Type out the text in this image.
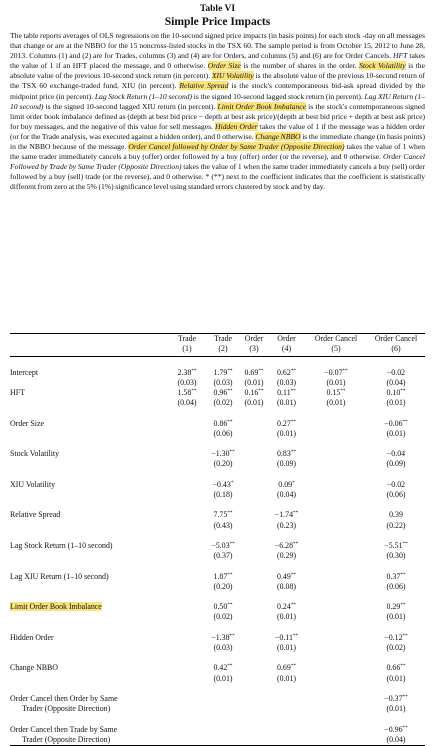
Table VI
Simple Price Impacts
The table reports averages of OLS regressions on the 10-second signed price impacts (in basis points) for each stock -day on all messages that change or are at the NBBO for the 15 noncross-listed stocks in the TSX 60. The sample period is from October 15, 2012 to June 28, 2013. Columns (1) and (2) are for Trades, columns (3) and (4) are for Orders, and columns (5) and (6) are for Order Cancels. HFT takes the value of 1 if an HFT placed the message, and 0 otherwise. Order Size is the number of shares in the order. Stock Volatility is the absolute value of the previous 10-second stock return (in percent). XIU Volatility is the absolute value of the previous 10-second return of the TSX 60 exchange-traded fund, XIU (in percent). Relative Spread is the stock's contemporaneous bid-ask spread divided by the midpoint price (in percent). Lag Stock Return (1–10 second) is the signed 10-second lagged stock return (in percent). Lag XIU Return (1–10 second) is the signed 10-second lagged XIU return (in percent). Limit Order Book Imbalance is the stock's contemporaneous signed limit order book imbalance defined as (depth at best bid price − depth at best ask price)/(depth at best bid price + depth at best ask price) for buy messages, and the negative of this value for sell messages. Hidden Order takes the value of 1 if the message was a hidden order (or for the Trade analysis, was executed against a hidden order), and 0 otherwise. Change NBBO is the immediate change (in basis points) in the NBBO because of the message. Order Cancel followed by Order by Same Trader (Opposite Direction) takes the value of 1 when the same trader immediately cancels a buy (offer) order followed by a buy (offer) order (or the reverse), and 0 otherwise. Order Cancel Followed by Trade by Same Trader (Opposite Direction) takes the value of 1 when the same trader immediately cancels a buy (sell) order followed by a buy (sell) trade (or the reverse), and 0 otherwise. * (**) next to the coefficient indicates that the coefficient is statistically different from zero at the 5% (1%) significance level using standard errors clustered by stock and by day.
	Trade	Trade	Order	Order	Order Cancel	Order Cancel
	(1)	(2)	(3)	(4)	(5)	(6)

Intercept	2.38**	1.79**	0.69**	0.62**	−0.07**	−0.02
	(0.03)	(0.03)	(0.01)	(0.03)	(0.01)	(0.04)
HFT	1.58**	0.96**	0.16**	0.11**	0.15**	0.10**
	(0.04)	(0.02)	(0.01)	(0.01)	(0.01)	(0.01)

Order Size		0.86**		0.27**		−0.06**
		(0.06)		(0.01)		(0.01)

Stock Volatility		−1.30**		0.83**		−0.04
		(0.20)		(0.09)		(0.09)

XIU Volatility		−0.43*		0.09*		−0.02
		(0.18)		(0.04)		(0.06)

Relative Spread		7.75**		−1.74**		0.39
		(0.43)		(0.23)		(0.22)

Lag Stock Return (1–10 second)		−5.03**		−6.28**		−5.51**
		(0.37)		(0.29)		(0.30)

Lag XIU Return (1–10 second)		1.87**		0.49**		0.37**
		(0.20)		(0.08)		(0.06)

Limit Order Book Imbalance		0.50**		0.24**		0.29**
		(0.02)		(0.01)		(0.01)

Hidden Order		−1.38**		−0.11**		−0.12**
		(0.03)		(0.01)		(0.02)

Change NBBO		0.42**		0.69**		0.66**
		(0.01)		(0.01)		(0.01)

Order Cancel then Order by Same						−0.37**
Trader (Opposite Direction)						(0.01)

Order Cancel then Trade by Same						−0.96**
Trader (Opposite Direction)						(0.04)
